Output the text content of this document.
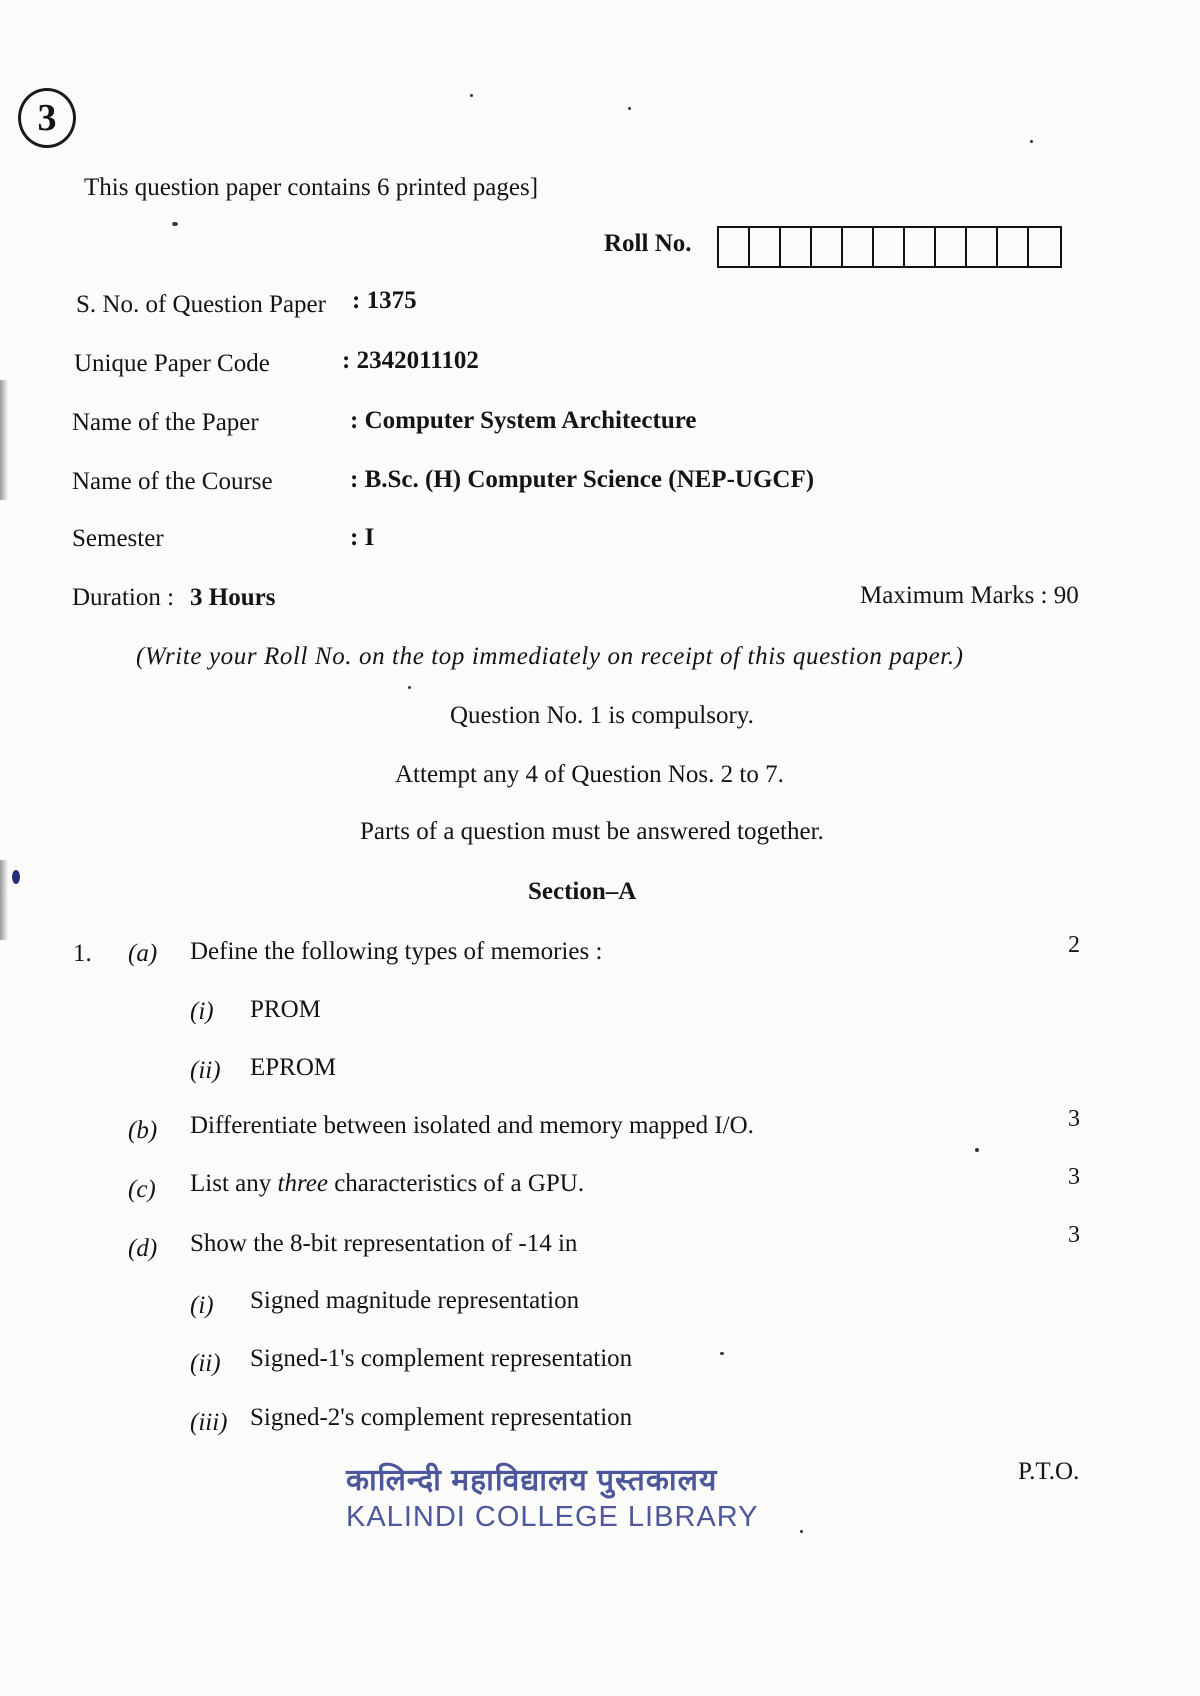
3
This question paper contains 6 printed pages]
Roll No.
S. No. of Question Paper : 1375
Unique Paper Code	: 2342011102
Name of the Paper	: Computer System Architecture
Name of the Course	: B.Sc. (H) Computer Science (NEP-UGCF)
Semester	: I
Duration : 3 Hours	Maximum Marks : 90
(Write your Roll No. on the top immediately on receipt of this question paper.)
Question No. 1 is compulsory.
Attempt any 4 of Question Nos. 2 to 7.
Parts of a question must be answered together.
Section–A
1. (a) Define the following types of memories :	2
(i) PROM
(ii) EPROM
(b) Differentiate between isolated and memory mapped I/O.	3
(c) List any three characteristics of a GPU.	3
(d) Show the 8-bit representation of -14 in	3
(i) Signed magnitude representation
(ii) Signed-1's complement representation
(iii) Signed-2's complement representation
P.T.O.
कालिन्दी महाविद्यालय पुस्तकालय
KALINDI COLLEGE LIBRARY
